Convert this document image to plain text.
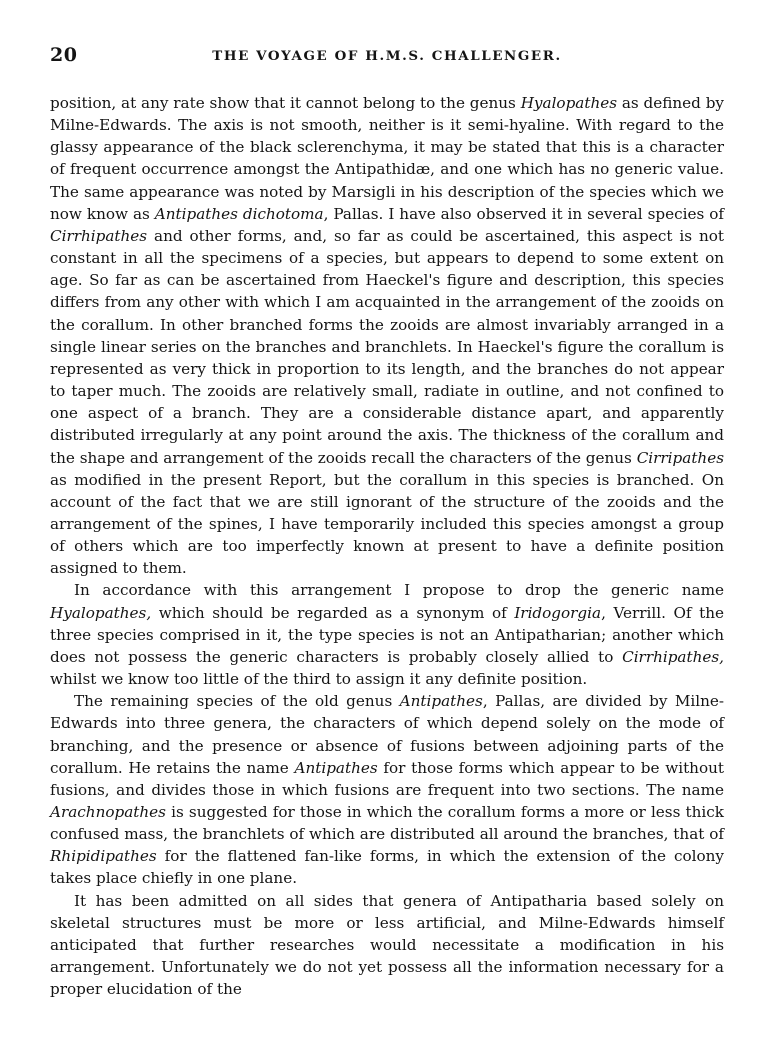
20	THE VOYAGE OF H.M.S. CHALLENGER.

position, at any rate show that it cannot belong to the genus Hyalopathes as defined by Milne-Edwards. The axis is not smooth, neither is it semi-hyaline. With regard to the glassy appearance of the black sclerenchyma, it may be stated that this is a character of frequent occurrence amongst the Antipathidæ, and one which has no generic value. The same appearance was noted by Marsigli in his description of the species which we now know as Antipathes dichotoma, Pallas. I have also observed it in several species of Cirrhipathes and other forms, and, so far as could be ascertained, this aspect is not constant in all the specimens of a species, but appears to depend to some extent on age. So far as can be ascertained from Haeckel's figure and description, this species differs from any other with which I am acquainted in the arrangement of the zooids on the corallum. In other branched forms the zooids are almost invariably arranged in a single linear series on the branches and branchlets. In Haeckel's figure the corallum is represented as very thick in proportion to its length, and the branches do not appear to taper much. The zooids are relatively small, radiate in outline, and not confined to one aspect of a branch. They are a considerable distance apart, and apparently distributed irregularly at any point around the axis. The thickness of the corallum and the shape and arrangement of the zooids recall the characters of the genus Cirripathes as modified in the present Report, but the corallum in this species is branched. On account of the fact that we are still ignorant of the structure of the zooids and the arrangement of the spines, I have temporarily included this species amongst a group of others which are too imperfectly known at present to have a definite position assigned to them.

In accordance with this arrangement I propose to drop the generic name Hyalopathes, which should be regarded as a synonym of Iridogorgia, Verrill. Of the three species comprised in it, the type species is not an Antipatharian; another which does not possess the generic characters is probably closely allied to Cirrhipathes, whilst we know too little of the third to assign it any definite position.

The remaining species of the old genus Antipathes, Pallas, are divided by Milne-Edwards into three genera, the characters of which depend solely on the mode of branching, and the presence or absence of fusions between adjoining parts of the corallum. He retains the name Antipathes for those forms which appear to be without fusions, and divides those in which fusions are frequent into two sections. The name Arachnopathes is suggested for those in which the corallum forms a more or less thick confused mass, the branchlets of which are distributed all around the branches, that of Rhipidipathes for the flattened fan-like forms, in which the extension of the colony takes place chiefly in one plane.

It has been admitted on all sides that genera of Antipatharia based solely on skeletal structures must be more or less artificial, and Milne-Edwards himself anticipated that further researches would necessitate a modification in his arrangement. Unfortunately we do not yet possess all the information necessary for a proper elucidation of the
